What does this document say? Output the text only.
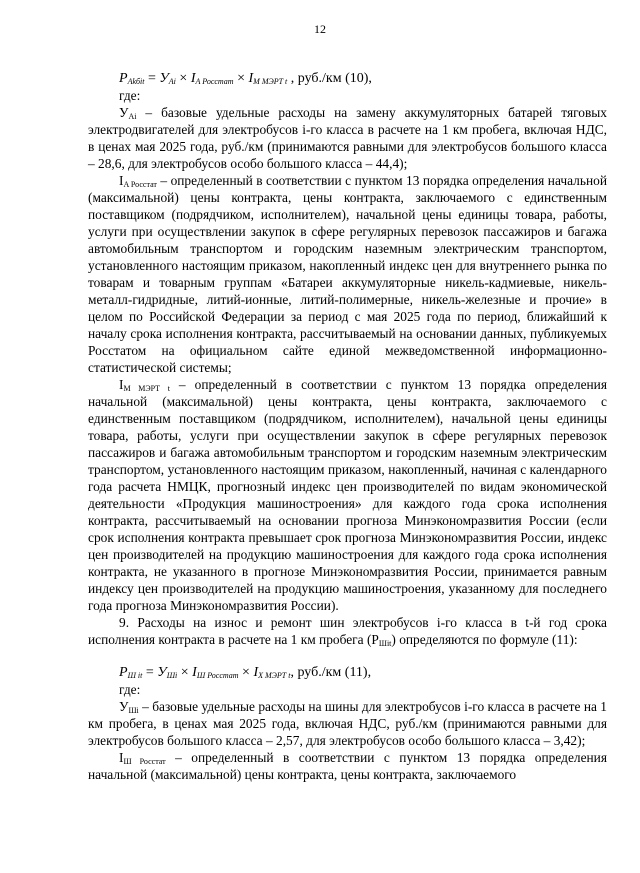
12

$P_{Akбit} = У_{Ai} \times I_{A Росстат} \times I_{M МЭРТ t}$ , руб./км (10),

где:

$У_{Ai}$ – базовые удельные расходы на замену аккумуляторных батарей тяговых электродвигателей для электробусов i-го класса в расчете на 1 км пробега, включая НДС, в ценах мая 2025 года, руб./км (принимаются равными для электробусов большого класса – 28,6, для электробусов особо большого класса – 44,4);

$I_{A Росстат}$ – определенный в соответствии с пунктом 13 порядка определения начальной (максимальной) цены контракта, цены контракта, заключаемого с единственным поставщиком (подрядчиком, исполнителем), начальной цены единицы товара, работы, услуги при осуществлении закупок в сфере регулярных перевозок пассажиров и багажа автомобильным транспортом и городским наземным электрическим транспортом, установленного настоящим приказом, накопленный индекс цен для внутреннего рынка по товарам и товарным группам «Батареи аккумуляторные никель-кадмиевые, никель-металл-гидридные, литий-ионные, литий-полимерные, никель-железные и прочие» в целом по Российской Федерации за период с мая 2025 года по период, ближайший к началу срока исполнения контракта, рассчитываемый на основании данных, публикуемых Росстатом на официальном сайте единой межведомственной информационно-статистической системы;

$I_{M МЭРТ t}$ – определенный в соответствии с пунктом 13 порядка определения начальной (максимальной) цены контракта, цены контракта, заключаемого с единственным поставщиком (подрядчиком, исполнителем), начальной цены единицы товара, работы, услуги при осуществлении закупок в сфере регулярных перевозок пассажиров и багажа автомобильным транспортом и городским наземным электрическим транспортом, установленного настоящим приказом, накопленный, начиная с календарного года расчета НМЦК, прогнозный индекс цен производителей по видам экономической деятельности «Продукция машиностроения» для каждого года срока исполнения контракта, рассчитываемый на основании прогноза Минэкономразвития России (если срок исполнения контракта превышает срок прогноза Минэкономразвития России, индекс цен производителей на продукцию машиностроения для каждого года срока исполнения контракта, не указанного в прогнозе Минэкономразвития России, принимается равным индексу цен производителей на продукцию машиностроения, указанному для последнего года прогноза Минэкономразвития России).

9. Расходы на износ и ремонт шин электробусов i-го класса в t-й год срока исполнения контракта в расчете на 1 км пробега $(Р_{Шit})$ определяются по формуле (11):

$P_{Ш it} = У_{Шi} \times I_{Ш Росстат} \times I_{X МЭРТ t}$, руб./км (11),

где:

$У_{Шi}$ – базовые удельные расходы на шины для электробусов i-го класса в расчете на 1 км пробега, в ценах мая 2025 года, включая НДС, руб./км (принимаются равными для электробусов большого класса – 2,57, для электробусов особо большого класса – 3,42);

$I_{Ш Росстат}$ – определенный в соответствии с пунктом 13 порядка определения начальной (максимальной) цены контракта, цены контракта, заключаемого
